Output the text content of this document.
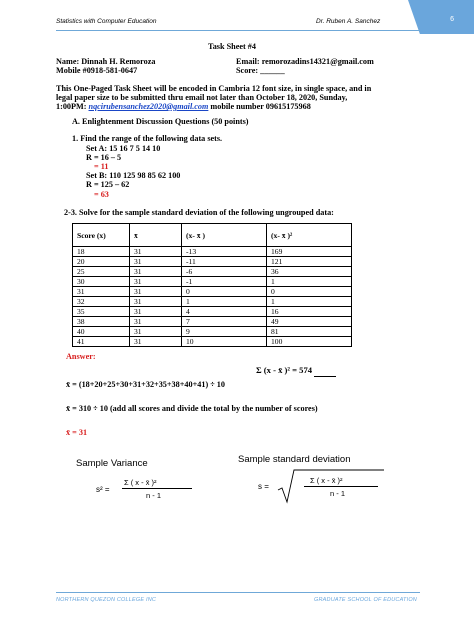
6
Statistics with Computer Education	Dr. Ruben A. Sanchez
Task Sheet #4
Name: Dinnah H. Remoroza	Email: remorozadins14321@gmail.com
Mobile #0918-581-0647	Score: ______
This One-Paged Task Sheet will be encoded in Cambria 12 font size, in single space, and in
legal paper size to be submitted thru email not later than October 18, 2020, Sunday,
1:00PM: nqcirubensanchez2020@gmail.com mobile number 09615175968
A. Enlightenment Discussion Questions (50 points)
1. Find the range of the following data sets.
Set A: 15 16 7 5 14 10
R = 16 – 5
= 11
Set B: 110 125 98 85 62 100
R = 125 – 62
= 63
2-3. Solve for the sample standard deviation of the following ungrouped data:
Score (x)	x̄	(x- x̄ )	(x- x̄ )²
18	31	-13	169
20	31	-11	121
25	31	-6	36
30	31	-1	1
31	31	0	0
32	31	1	1
35	31	4	16
38	31	7	49
40	31	9	81
41	31	10	100
Answer:
Σ (x - x̄ )² = 574
x̄ = (18+20+25+30+31+32+35+38+40+41) ÷ 10
x̄ = 310 ÷ 10 (add all scores and divide the total by the number of scores)
x̄ = 31
Sample Variance
s² =
Σ ( x - x̄ )²
n - 1
Sample standard deviation
s =
Σ ( x - x̄ )²
n - 1
NORTHERN QUEZON COLLEGE INC	GRADUATE SCHOOL OF EDUCATION
